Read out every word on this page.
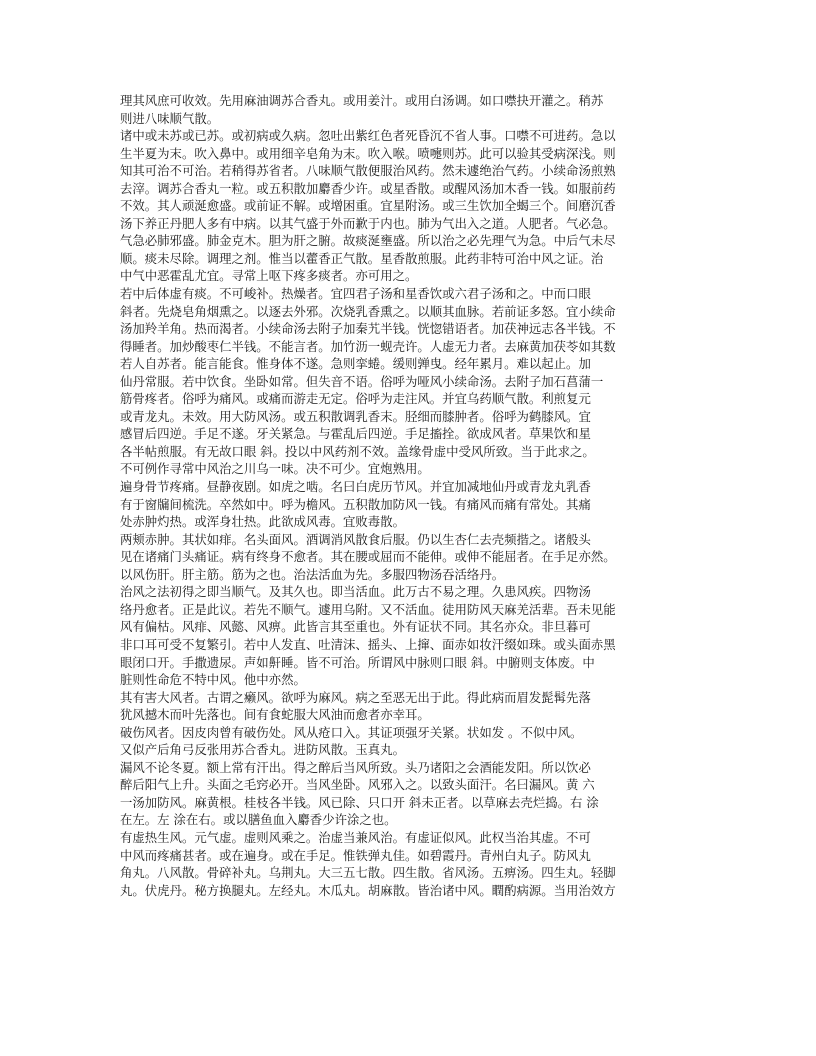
理其风庶可收效。先用麻油调苏合香丸。或用姜汁。或用白汤调。如口噤抉开灌之。稍苏
则进八味顺气散。
诸中或未苏或已苏。或初病或久病。忽吐出紫红色者死昏沉不省人事。口噤不可进药。急以
生半夏为末。吹入鼻中。或用细辛皂角为末。吹入喉。喷嚏则苏。此可以验其受病深浅。则
知其可治不可治。若稍得苏省者。八味顺气散便服治风药。然未遽绝治气药。小续命汤煎熟
去滓。调苏合香丸一粒。或五积散加麝香少许。或星香散。或醒风汤加木香一钱。如服前药
不效。其人顽涎愈盛。或前证不解。或增困重。宜星附汤。或三生饮加全蝎三个。间磨沉香
汤下养正丹肥人多有中病。以其气盛于外而歉于内也。肺为气出入之道。人肥者。气必急。
气急必肺邪盛。肺金克木。胆为肝之腑。故痰涎壅盛。所以治之必先理气为急。中后气未尽
顺。痰未尽除。调理之剂。惟当以藿香正气散。星香散煎服。此药非特可治中风之证。治
中气中恶霍乱尤宜。寻常上呕下疼多痰者。亦可用之。
若中后体虚有痰。不可峻补。热燥者。宜四君子汤和星香饮或六君子汤和之。中而口眼
斜者。先烧皂角烟熏之。以逐去外邪。次烧乳香熏之。以顺其血脉。若前证多怒。宜小续命
汤加羚羊角。热而渴者。小续命汤去附子加秦艽半钱。恍惚错语者。加茯神远志各半钱。不
得睡者。加炒酸枣仁半钱。不能言者。加竹沥一蚬壳许。人虚无力者。去麻黄加茯苓如其数
若人自苏者。能言能食。惟身体不遂。急则挛蜷。缓则亸曳。经年累月。难以起止。加
仙丹常服。若中饮食。坐卧如常。但失音不语。俗呼为哑风小续命汤。去附子加石菖蒲一
筋骨疼者。俗呼为痛风。或痛而游走无定。俗呼为走注风。并宜乌药顺气散。利煎复元
或青龙丸。未效。用大防风汤。或五积散调乳香末。胫细而膝肿者。俗呼为鹤膝风。宜
感冒后四逆。手足不遂。牙关紧急。与霍乱后四逆。手足搐拴。欲成风者。草果饮和星
各半帖煎服。有无故口眼 斜。投以中风药剂不效。盖缘骨虚中受风所致。当于此求之。
不可例作寻常中风治之川乌一味。决不可少。宜炮熟用。
遍身骨节疼痛。昼静夜剧。如虎之啮。名曰白虎历节风。并宜加减地仙丹或青龙丸乳香
有于窗牖间梳洗。卒然如中。呼为檐风。五积散加防风一钱。有痛风而痛有常处。其痛
处赤肿灼热。或浑身壮热。此欲成风毒。宜败毒散。
两颊赤肿。其状如痱。名头面风。酒调消风散食后服。仍以生杏仁去壳频揩之。诸般头
见在诸痛门头痛证。病有终身不愈者。其在腰或屈而不能伸。或伸不能屈者。在手足亦然。
以风伤肝。肝主筋。筋为之也。治法活血为先。多服四物汤吞活络丹。
治风之法初得之即当顺气。及其久也。即当活血。此万古不易之理。久患风疾。四物汤
络丹愈者。正是此议。若先不顺气。遽用乌附。又不活血。徒用防风天麻羌活辈。吾未见能
风有偏枯。风痱、风懿、风痹。此皆言其至重也。外有证状不同。其名亦众。非旦暮可
非口耳可受不复繁引。若中人发直、吐清沫、摇头、上撺、面赤如妆汗缀如珠。或头面赤黑
眼闭口开。手撒遗尿。声如鼾睡。皆不可治。所谓风中脉则口眼 斜。中腑则支体废。中
脏则性命危不特中风。他中亦然。
其有害大风者。古谓之癞风。欲呼为麻风。病之至恶无出于此。得此病而眉发髭髯先落
犹风撼木而叶先落也。间有食蛇服大风油而愈者亦幸耳。
破伤风者。因皮肉曾有破伤处。风从疮口入。其证项强牙关紧。状如发 。不似中风。
又似产后角弓反张用苏合香丸。进防风散。玉真丸。
漏风不论冬夏。额上常有汗出。得之醉后当风所致。头乃诸阳之会酒能发阳。所以饮必
醉后阳气上升。头面之毛窍必开。当风坐卧。风邪入之。以致头面汗。名曰漏风。黄 六
一汤加防风。麻黄根。桂枝各半钱。风已除、只口开 斜未正者。以草麻去壳烂捣。右 涂
在左。左 涂在右。或以膳鱼血入麝香少许涂之也。
有虚热生风。元气虚。虚则风乘之。治虚当兼风治。有虚证似风。此权当治其虚。不可
中风而疼痛甚者。或在遍身。或在手足。惟铁弹丸佳。如碧霞丹。青州白丸子。防风丸
角丸。八风散。骨碎补丸。乌荆丸。大三五七散。四生散。省风汤。五痹汤。四生丸。轻脚
丸。伏虎丹。秘方换腿丸。左经丸。木瓜丸。胡麻散。皆治诸中风。瞤酌病源。当用治效方
